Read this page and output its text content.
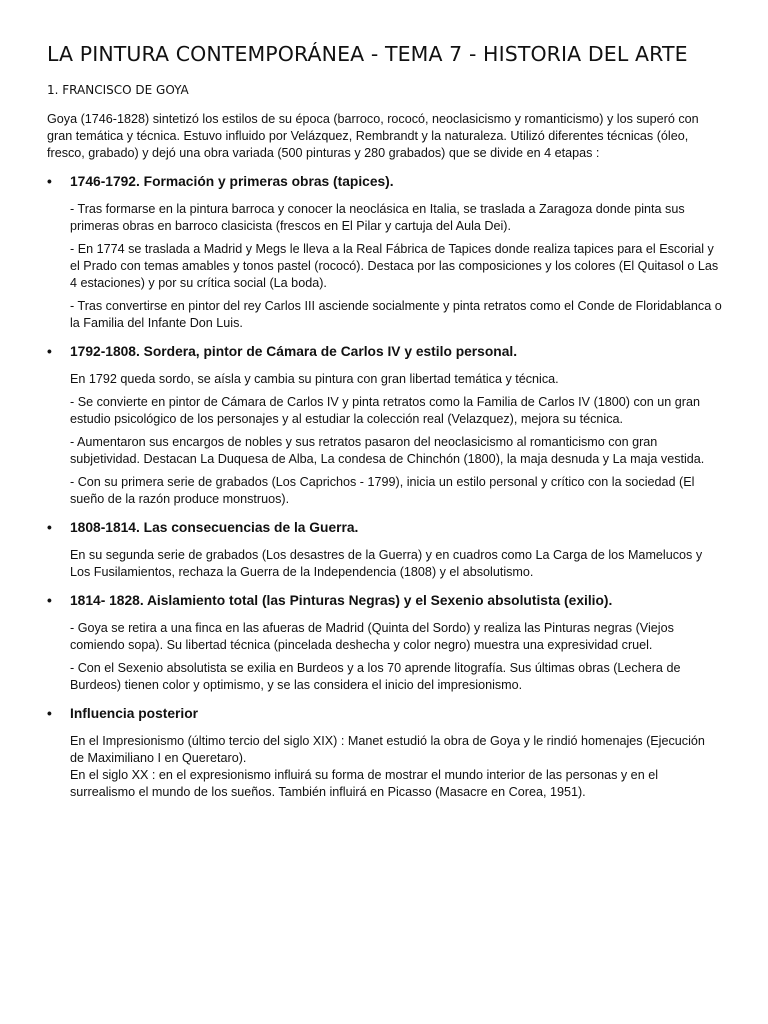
LA PINTURA CONTEMPORÁNEA - TEMA 7 - HISTORIA DEL ARTE

1. FRANCISCO DE GOYA

Goya (1746-1828) sintetizó los estilos de su época (barroco, rococó, neoclasicismo y romanticismo) y los superó con gran temática y técnica. Estuvo influido por Velázquez, Rembrandt y la naturaleza. Utilizó diferentes técnicas (óleo, fresco, grabado) y dejó una obra variada (500 pinturas y 280 grabados) que se divide en 4 etapas :

• 1746-1792. Formación y primeras obras (tapices).

- Tras formarse en la pintura barroca y conocer la neoclásica en Italia, se traslada a Zaragoza donde pinta sus primeras obras en barroco clasicista (frescos en El Pilar y cartuja del Aula Dei).

- En 1774 se traslada a Madrid y Megs le lleva a la Real Fábrica de Tapices donde realiza tapices para el Escorial y el Prado con temas amables y tonos pastel (rococó). Destaca por las composiciones y los colores (El Quitasol o Las 4 estaciones) y por su crítica social (La boda).

- Tras convertirse en pintor del rey Carlos III asciende socialmente y pinta retratos como el Conde de Floridablanca o la Familia del Infante Don Luis.

• 1792-1808. Sordera, pintor de Cámara de Carlos IV y estilo personal.

En 1792 queda sordo, se aísla y cambia su pintura con gran libertad temática y técnica.

- Se convierte en pintor de Cámara de Carlos IV y pinta retratos como la Familia de Carlos IV (1800) con un gran estudio psicológico de los personajes y al estudiar la colección real (Velazquez), mejora su técnica.

- Aumentaron sus encargos de nobles y sus retratos pasaron del neoclasicismo al romanticismo con gran subjetividad. Destacan La Duquesa de Alba, La condesa de Chinchón (1800), la maja desnuda y La maja vestida.

- Con su primera serie de grabados (Los Caprichos - 1799), inicia un estilo personal y crítico con la sociedad (El sueño de la razón produce monstruos).

• 1808-1814. Las consecuencias de la Guerra.

En su segunda serie de grabados (Los desastres de la Guerra) y en cuadros como La Carga de los Mamelucos y Los Fusilamientos, rechaza la Guerra de la Independencia (1808) y el absolutismo.

• 1814- 1828. Aislamiento total (las Pinturas Negras) y el Sexenio absolutista (exilio).

- Goya se retira a una finca en las afueras de Madrid (Quinta del Sordo) y realiza las Pinturas negras (Viejos comiendo sopa). Su libertad técnica (pincelada deshecha y color negro) muestra una expresividad cruel.

- Con el Sexenio absolutista se exilia en Burdeos y a los 70 aprende litografía. Sus últimas obras (Lechera de Burdeos) tienen color y optimismo, y se las considera el inicio del impresionismo.

• Influencia posterior

En el Impresionismo (último tercio del siglo XIX) : Manet estudió la obra de Goya y le rindió homenajes (Ejecución de Maximiliano I en Queretaro).

En el siglo XX : en el expresionismo influirá su forma de mostrar el mundo interior de las personas y en el surrealismo el mundo de los sueños. También influirá en Picasso (Masacre en Corea, 1951).
